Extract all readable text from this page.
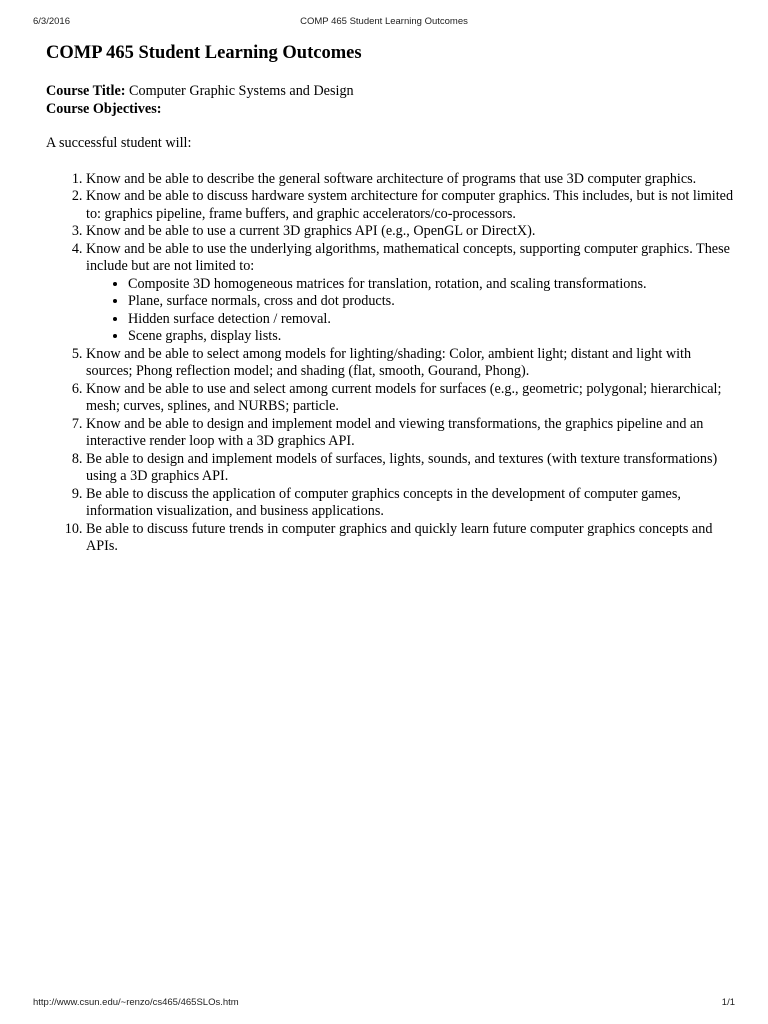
6/3/2016	COMP 465 Student Learning Outcomes
COMP 465 Student Learning Outcomes

Course Title: Computer Graphic Systems and Design

Course Objectives:

A successful student will:

1. Know and be able to describe the general software architecture of programs that use 3D computer graphics.
2. Know and be able to discuss hardware system architecture for computer graphics. This includes, but is not limited to: graphics pipeline, frame buffers, and graphic accelerators/co-processors.
3. Know and be able to use a current 3D graphics API (e.g., OpenGL or DirectX).
4. Know and be able to use the underlying algorithms, mathematical concepts, supporting computer graphics. These include but are not limited to:
• Composite 3D homogeneous matrices for translation, rotation, and scaling transformations.
• Plane, surface normals, cross and dot products.
• Hidden surface detection / removal.
• Scene graphs, display lists.
5. Know and be able to select among models for lighting/shading: Color, ambient light; distant and light with sources; Phong reflection model; and shading (flat, smooth, Gourand, Phong).
6. Know and be able to use and select among current models for surfaces (e.g., geometric; polygonal; hierarchical; mesh; curves, splines, and NURBS; particle.
7. Know and be able to design and implement model and viewing transformations, the graphics pipeline and an interactive render loop with a 3D graphics API.
8. Be able to design and implement models of surfaces, lights, sounds, and textures (with texture transformations) using a 3D graphics API.
9. Be able to discuss the application of computer graphics concepts in the development of computer games, information visualization, and business applications.
10. Be able to discuss future trends in computer graphics and quickly learn future computer graphics concepts and APIs.
http://www.csun.edu/~renzo/cs465/465SLOs.htm	1/1
